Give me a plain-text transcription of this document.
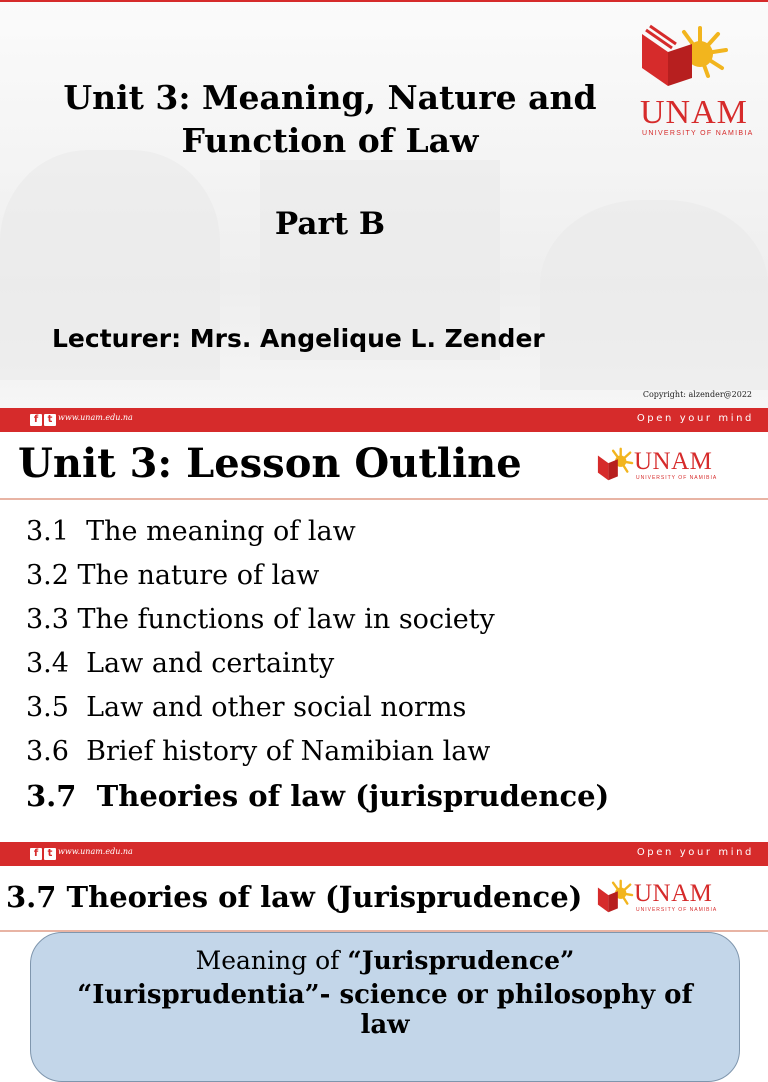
Unit 3: Meaning, Nature and
Function of Law
Part B
Lecturer: Mrs. Angelique L. Zender
Copyright: alzender@2022
UNAM
UNIVERSITY OF NAMIBIA
f t www.unam.edu.na	Open your mind
Unit 3: Lesson Outline	UNAM
UNIVERSITY OF NAMIBIA
3.1 The meaning of law
3.2 The nature of law
3.3 The functions of law in society
3.4 Law and certainty
3.5 Law and other social norms
3.6 Brief history of Namibian law
3.7 Theories of law (jurisprudence)
f t www.unam.edu.na	Open your mind
3.7 Theories of law (Jurisprudence) UNAM
UNIVERSITY OF NAMIBIA
Meaning of “Jurisprudence”
“Iurisprudentia”- science or philosophy of
law
